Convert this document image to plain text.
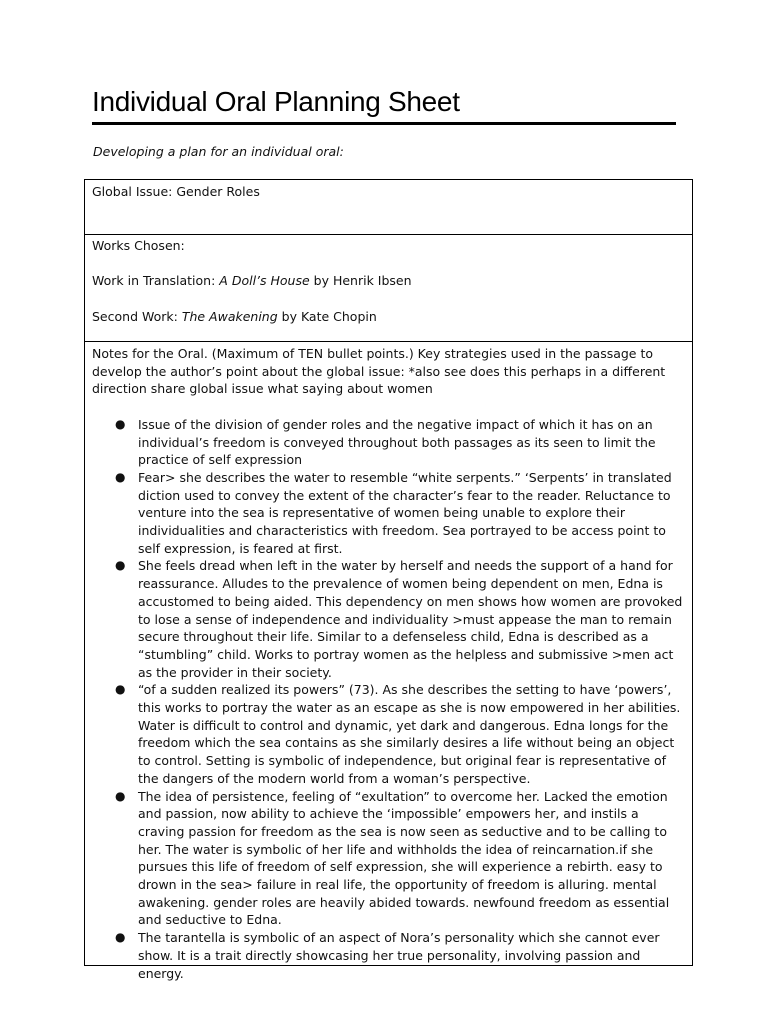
Individual Oral Planning Sheet
Developing a plan for an individual oral:

Global Issue: Gender Roles

Works Chosen:

Work in Translation: A Doll’s House by Henrik Ibsen

Second Work: The Awakening by Kate Chopin

Notes for the Oral. (Maximum of TEN bullet points.) Key strategies used in the passage to develop the author’s point about the global issue: *also see does this perhaps in a different direction share global issue what saying about women

● Issue of the division of gender roles and the negative impact of which it has on an individual’s freedom is conveyed throughout both passages as its seen to limit the practice of self expression
● Fear> she describes the water to resemble “white serpents.” ‘Serpents’ in translated diction used to convey the extent of the character’s fear to the reader. Reluctance to venture into the sea is representative of women being unable to explore their individualities and characteristics with freedom. Sea portrayed to be access point to self expression, is feared at first.
● She feels dread when left in the water by herself and needs the support of a hand for reassurance. Alludes to the prevalence of women being dependent on men, Edna is accustomed to being aided. This dependency on men shows how women are provoked to lose a sense of independence and individuality >must appease the man to remain secure throughout their life. Similar to a defenseless child, Edna is described as a “stumbling” child. Works to portray women as the helpless and submissive >men act as the provider in their society.
● “of a sudden realized its powers” (73). As she describes the setting to have ‘powers’, this works to portray the water as an escape as she is now empowered in her abilities. Water is difficult to control and dynamic, yet dark and dangerous. Edna longs for the freedom which the sea contains as she similarly desires a life without being an object to control. Setting is symbolic of independence, but original fear is representative of the dangers of the modern world from a woman’s perspective.
● The idea of persistence, feeling of “exultation” to overcome her. Lacked the emotion and passion, now ability to achieve the ‘impossible’ empowers her, and instils a craving passion for freedom as the sea is now seen as seductive and to be calling to her. The water is symbolic of her life and withholds the idea of reincarnation.if she pursues this life of freedom of self expression, she will experience a rebirth. easy to drown in the sea> failure in real life, the opportunity of freedom is alluring. mental awakening. gender roles are heavily abided towards. newfound freedom as essential and seductive to Edna.
● The tarantella is symbolic of an aspect of Nora’s personality which she cannot ever show. It is a trait directly showcasing her true personality, involving passion and energy.
